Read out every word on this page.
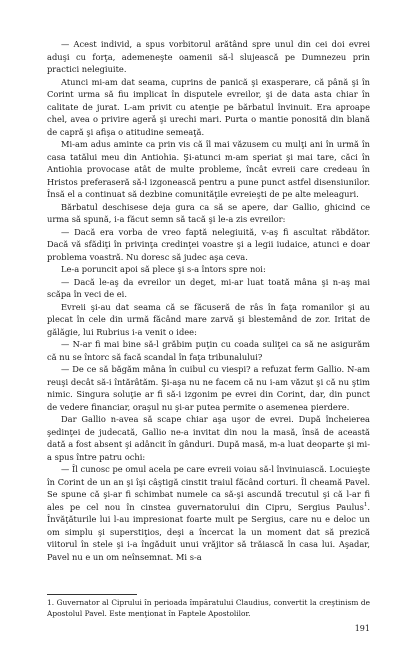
— Acest individ, a spus vorbitorul arătând spre unul din cei doi evrei aduşi cu forţa, ademeneşte oamenii să-l slujească pe Dumnezeu prin practici nelegiuite.

Atunci mi-am dat seama, cuprins de panică şi exasperare, că până şi în Corint urma să fiu implicat în disputele evreilor, şi de data asta chiar în calitate de jurat. L-am privit cu atenţie pe bărbatul învinuit. Era aproape chel, avea o privire agerǎ şi urechi mari. Purta o mantie ponosită din blană de capră şi afişa o atitudine semeaţă.

Mi-am adus aminte ca prin vis că îl mai văzusem cu mulţi ani în urmă în casa tatălui meu din Antiohia. Şi-atunci m-am speriat şi mai tare, căci în Antiohia provocase atât de multe probleme, încât evreii care credeau în Hristos preferaseră să-l izgonească pentru a pune punct astfel disensiunilor. Însă el a continuat să dezbine comunităţile evreieşti de pe alte meleaguri.

Bărbatul deschisese deja gura ca să se apere, dar Gallio, ghicind ce urma să spună, i-a făcut semn să tacă şi le-a zis evreilor:

— Dacă era vorba de vreo faptă nelegiuită, v-aş fi ascultat răbdător. Dacă vă sfădiţi în privinţa credinţei voastre şi a legii iudaice, atunci e doar problema voastră. Nu doresc să judec aşa ceva.

Le-a poruncit apoi să plece şi s-a întors spre noi:

— Dacă le-aş da evreilor un deget, mi-ar luat toată mâna şi n-aş mai scăpa în veci de ei.

Evreii şi-au dat seama că se făcuseră de râs în faţa romanilor şi au plecat în cele din urmă făcând mare zarvă şi blestemând de zor. Iritat de gălăgie, lui Rubrius i-a venit o idee:

— N-ar fi mai bine să-l grăbim puţin cu coada suliţei ca să ne asigurăm că nu se întorc să facă scandal în faţa tribunalului?

— De ce să băgăm mâna în cuibul cu viespi? a refuzat ferm Gallio. N-am reuşi decât să-i întărâtăm. Şi-aşa nu ne facem că nu i-am văzut şi că nu ştim nimic. Singura soluţie ar fi să-i izgonim pe evrei din Corint, dar, din punct de vedere financiar, oraşul nu şi-ar putea permite o asemenea pierdere.

Dar Gallio n-avea să scape chiar aşa uşor de evrei. După încheierea şedinţei de judecată, Gallio ne-a invitat din nou la masă, însă de această dată a fost absent şi adâncit în gânduri. După masă, m-a luat deoparte şi mi-a spus între patru ochi:

— Îl cunosc pe omul acela pe care evreii voiau să-l învinuiască. Locuieşte în Corint de un an şi îşi câştigă cinstit traiul făcând corturi. Îl cheamă Pavel. Se spune că şi-ar fi schimbat numele ca să-şi ascundă trecutul şi că l-ar fi ales pe cel nou în cinstea guvernatorului din Cipru, Sergius Paulus$^1$. Învăţăturile lui l-au impresionat foarte mult pe Sergius, care nu e deloc un om simplu şi superstiţios, deşi a încercat la un moment dat să prezică viitorul în stele şi i-a îngăduit unui vrăjitor să trăiască în casa lui. Aşadar, Pavel nu e un om neînsemnat. Mi s-a

1. Guvernator al Ciprului în perioada împăratului Claudius, convertit la creştinism de Apostolul Pavel. Este menţionat în Faptele Apostolilor.

191
